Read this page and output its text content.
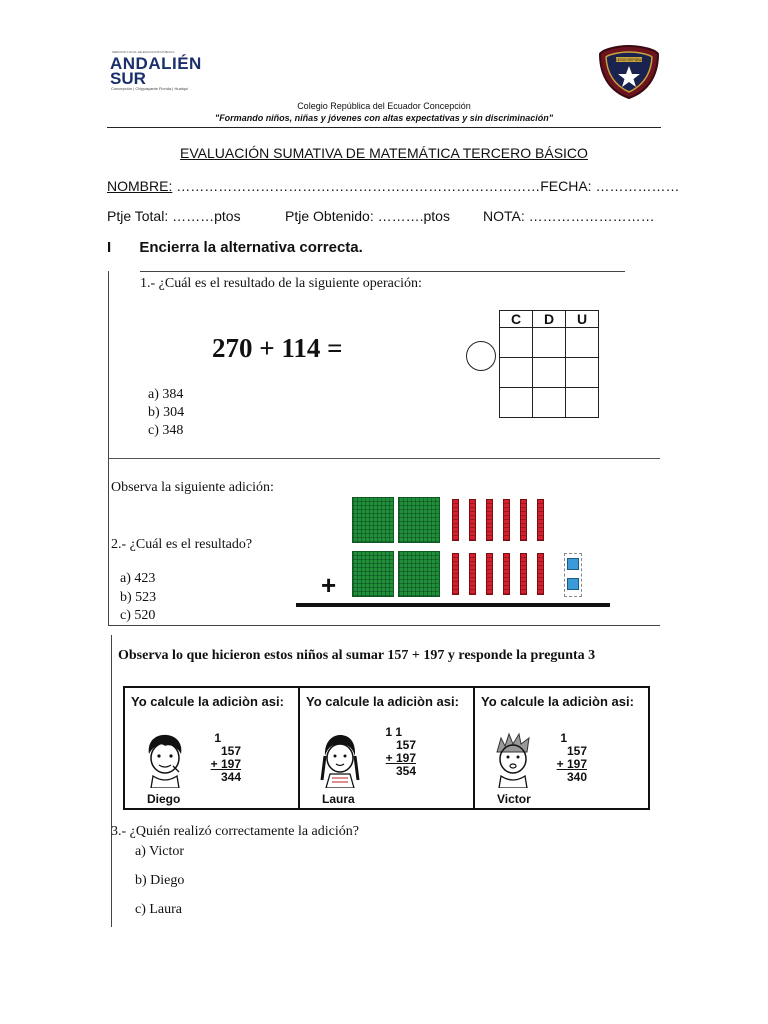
SERVICIO LOCAL DE EDUCACIÓN PÚBLICA
ANDALIÉN
SUR
Concepción | Chiguayante Florida | Hualqui
COLEGIO REPÚBLICA
Colegio República del Ecuador Concepción
"Formando niños, niñas y jóvenes con altas expectativas y sin discriminación"
EVALUACIÓN SUMATIVA DE MATEMÁTICA TERCERO BÁSICO
NOMBRE: ……………………………………………………………………FECHA: ………………
Ptje Total: ………ptos	Ptje Obtenido: ……….ptos NOTA: ………………………
I Encierra la alternativa correcta.
1.- ¿Cuál es el resultado de la siguiente operación:
270 + 114 =
a) 384
b) 304
c) 348
C	D	U

Observa la siguiente adición:
2.- ¿Cuál es el resultado?
a) 423
b) 523
c) 520
+
Observa lo que hicieron estos niños al sumar 157 + 197 y responde la pregunta 3
Yo calcule la adiciòn asi:
1
157
+ 197
344
Diego
Yo calcule la adiciòn asi:
1 1
157
+ 197
354
Laura
Yo calcule la adiciòn asi:
1
157
+ 197
340
Victor
3.- ¿Quién realizó correctamente la adición?
a) Victor
b) Diego
c) Laura
